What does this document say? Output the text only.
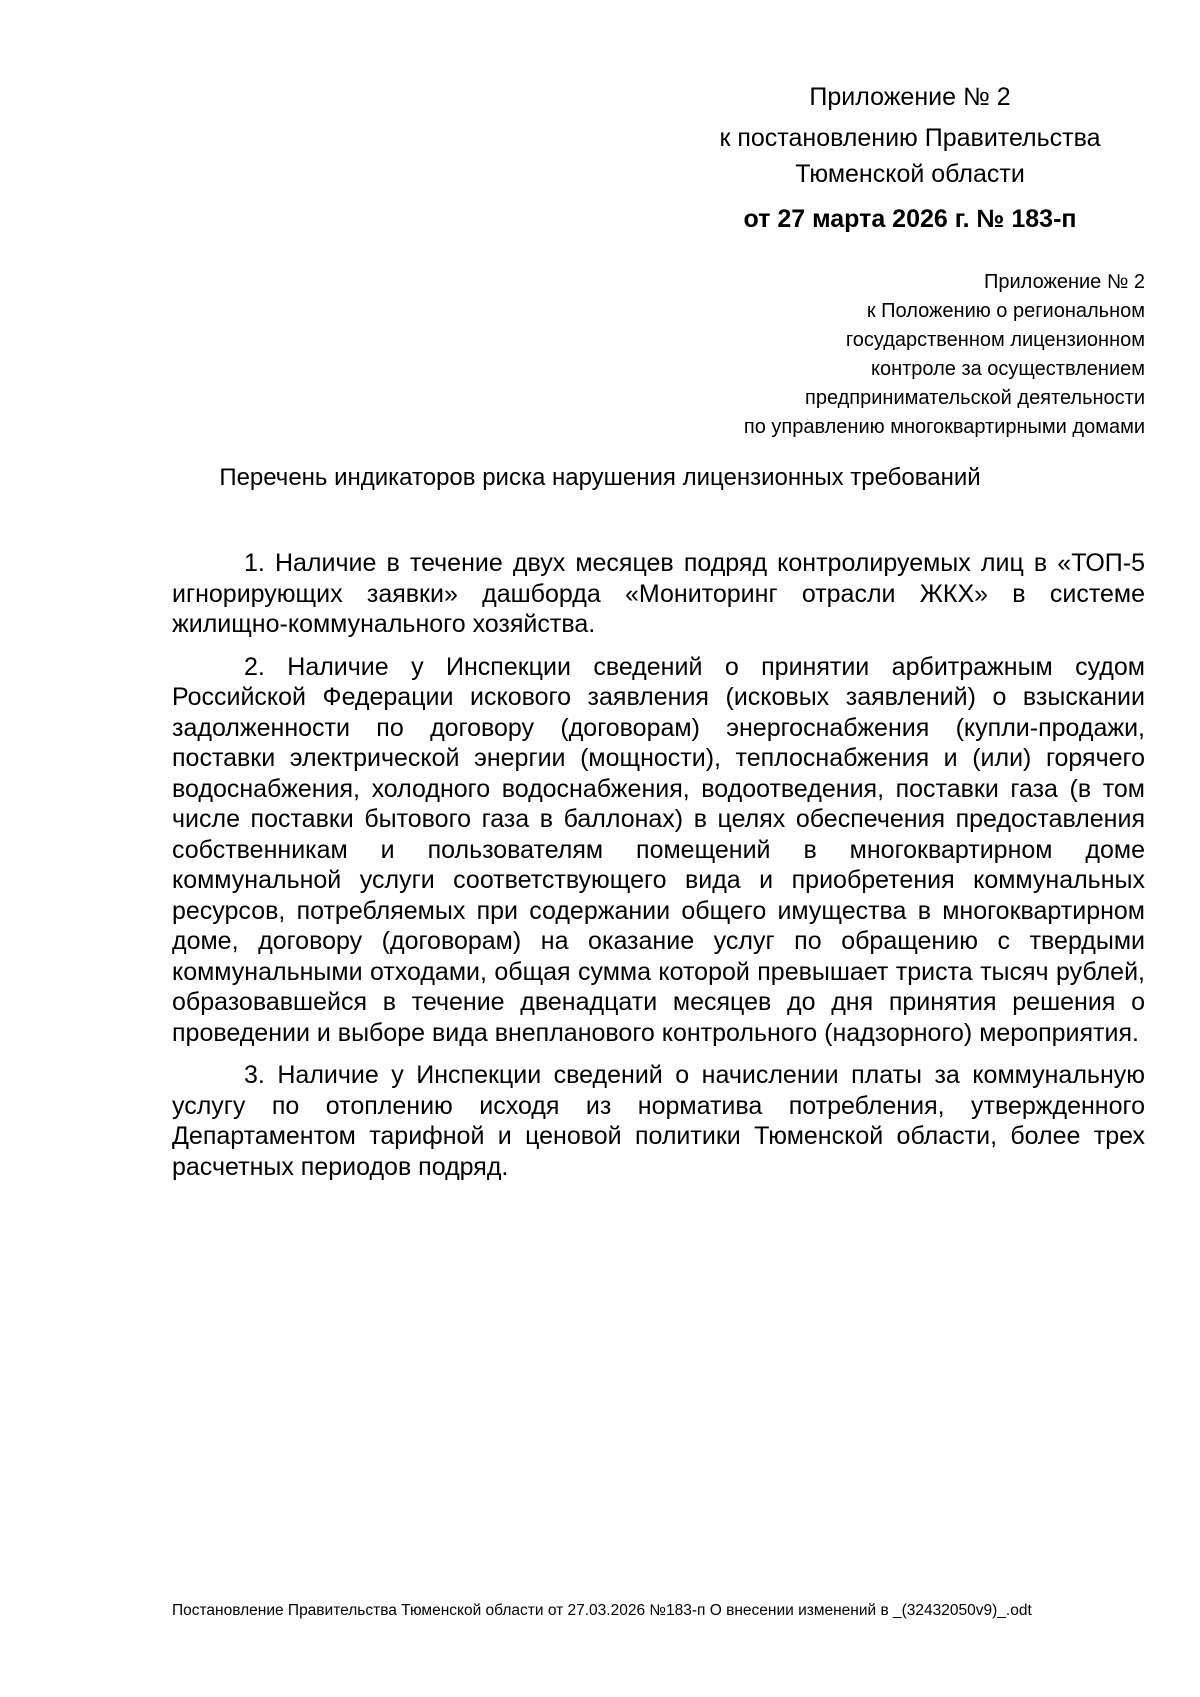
Приложение № 2
к постановлению Правительства
Тюменской области
от 27 марта 2026 г. № 183-п
Приложение № 2
к Положению о региональном
государственном лицензионном
контроле за осуществлением
предпринимательской деятельности
по управлению многоквартирными домами
Перечень индикаторов риска нарушения лицензионных требований

1. Наличие в течение двух месяцев подряд контролируемых лиц в «ТОП-5 игнорирующих заявки» дашборда «Мониторинг отрасли ЖКХ» в системе жилищно-коммунального хозяйства.

2. Наличие у Инспекции сведений о принятии арбитражным судом Российской Федерации искового заявления (исковых заявлений) о взыскании задолженности по договору (договорам) энергоснабжения (купли-продажи, поставки электрической энергии (мощности), теплоснабжения и (или) горячего водоснабжения, холодного водоснабжения, водоотведения, поставки газа (в том числе поставки бытового газа в баллонах) в целях обеспечения предоставления собственникам и пользователям помещений в многоквартирном доме коммунальной услуги соответствующего вида и приобретения коммунальных ресурсов, потребляемых при содержании общего имущества в многоквартирном доме, договору (договорам) на оказание услуг по обращению с твердыми коммунальными отходами, общая сумма которой превышает триста тысяч рублей, образовавшейся в течение двенадцати месяцев до дня принятия решения о проведении и выборе вида внепланового контрольного (надзорного) мероприятия.

3. Наличие у Инспекции сведений о начислении платы за коммунальную услугу по отоплению исходя из норматива потребления, утвержденного Департаментом тарифной и ценовой политики Тюменской области, более трех расчетных периодов подряд.

Постановление Правительства Тюменской области от 27.03.2026 №183-п О внесении изменений в _(32432050v9)_.odt
